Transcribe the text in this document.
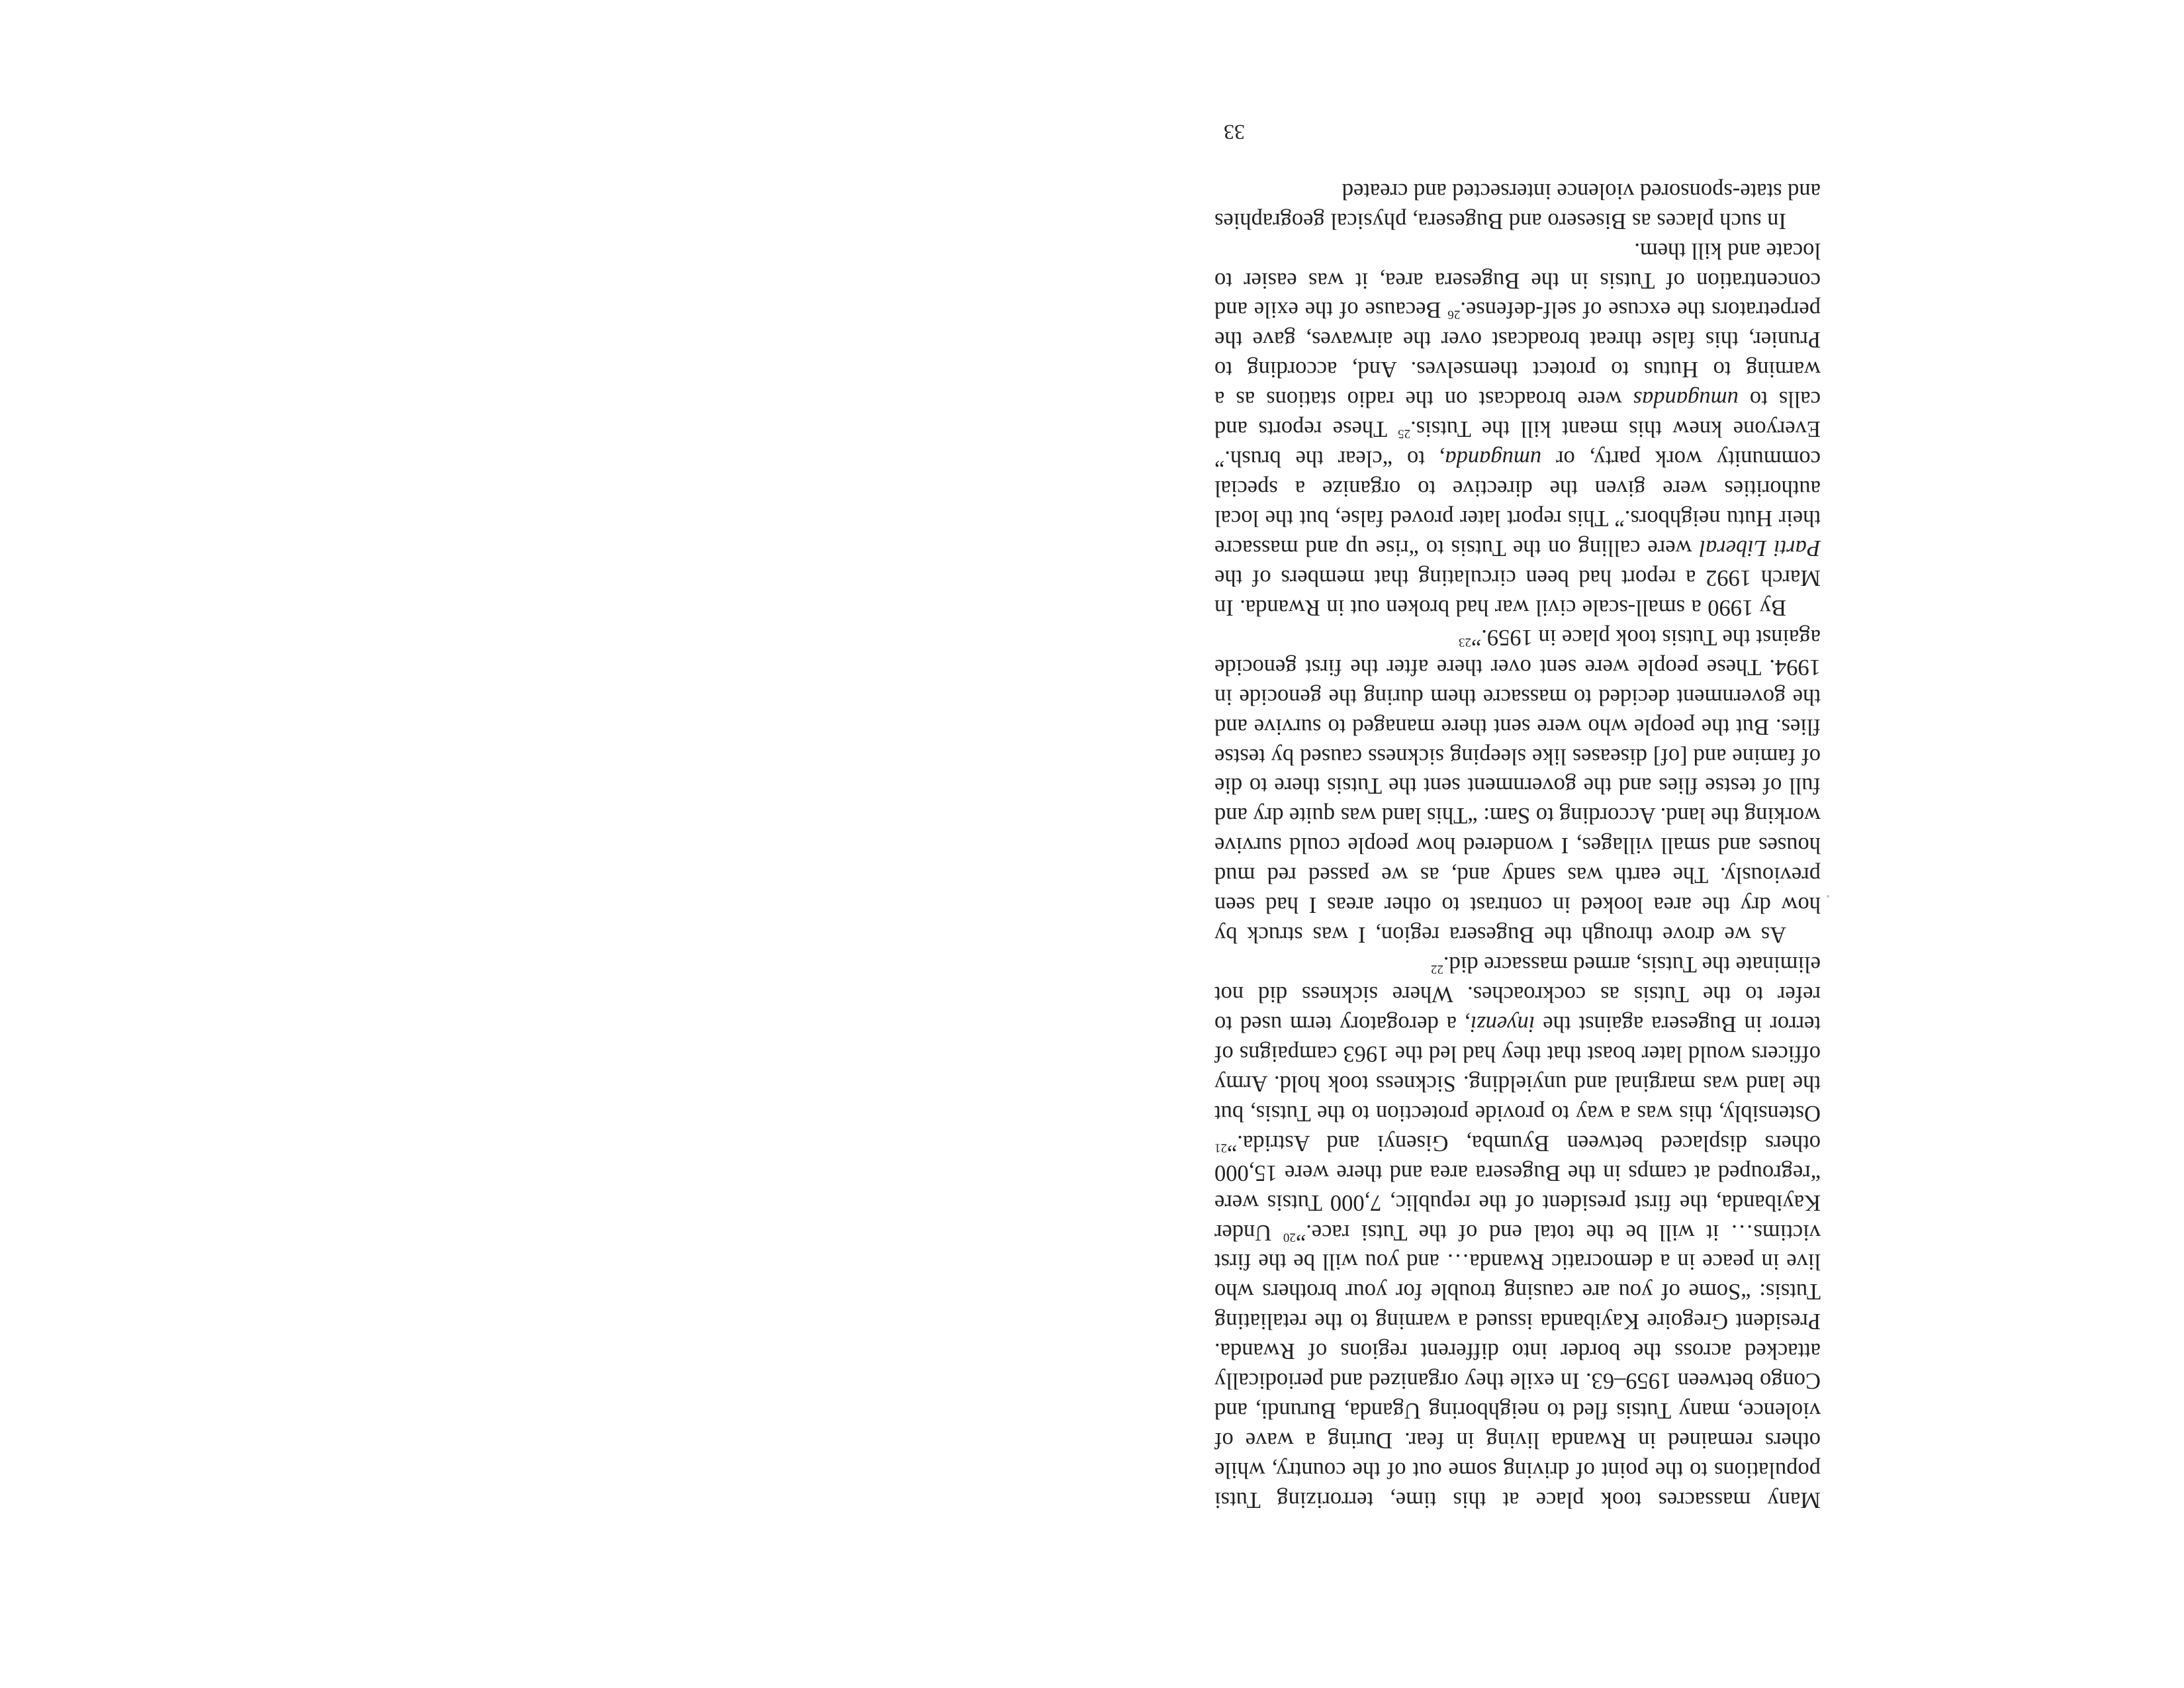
Many massacres took place at this time, terrorizing Tutsi populations to the point of driving some out of the country, while others remained in Rwanda living in fear. During a wave of violence, many Tutsis fled to neighboring Uganda, Burundi, and Congo between 1959–63. In exile they organized and periodically attacked across the border into different regions of Rwanda. President Gregoire Kayibanda issued a warning to the retaliating Tutsis: “Some of you are causing trouble for your brothers who live in peace in a democratic Rwanda… and you will be the first victims… it will be the total end of the Tutsi race.”$^{20}$ Under Kayibanda, the first president of the republic, 7,000 Tutsis were “regrouped at camps in the Bugesera area and there were 15,000 others displaced between Byumba, Gisenyi and Astrida.”$^{21}$ Ostensibly, this was a way to provide protection to the Tutsis, but the land was marginal and unyielding. Sickness took hold. Army officers would later boast that they had led the 1963 campaigns of terror in Bugesera against the inyenzi, a derogatory term used to refer to the Tutsis as cockroaches. Where sickness did not eliminate the Tutsis, armed massacre did.$^{22}$

As we drove through the Bugesera region, I was struck by how dry the area looked in contrast to other areas I had seen previously. The earth was sandy and, as we passed red mud houses and small villages, I wondered how people could survive working the land. According to Sam: “This land was quite dry and full of testse flies and the government sent the Tutsis there to die of famine and [of] diseases like sleeping sickness caused by testse flies. But the people who were sent there managed to survive and the government decided to massacre them during the genocide in 1994. These people were sent over there after the first genocide against the Tutsis took place in 1959.”$^{23}$

By 1990 a small-scale civil war had broken out in Rwanda. In March 1992 a report had been circulating that members of the Parti Liberal were calling on the Tutsis to “rise up and massacre their Hutu neighbors.” This report later proved false, but the local authorities were given the directive to organize a special community work party, or umuganda, to “clear the brush.” Everyone knew this meant kill the Tutsis.$^{25}$ These reports and calls to umugandas were broadcast on the radio stations as a warning to Hutus to protect themselves. And, according to Prunier, this false threat broadcast over the airwaves, gave the perpetrators the excuse of self-defense.$^{26}$ Because of the exile and concentration of Tutsis in the Bugesera area, it was easier to locate and kill them.

In such places as Bisesero and Bugesera, physical geographies and state-sponsored violence intersected and created

33
